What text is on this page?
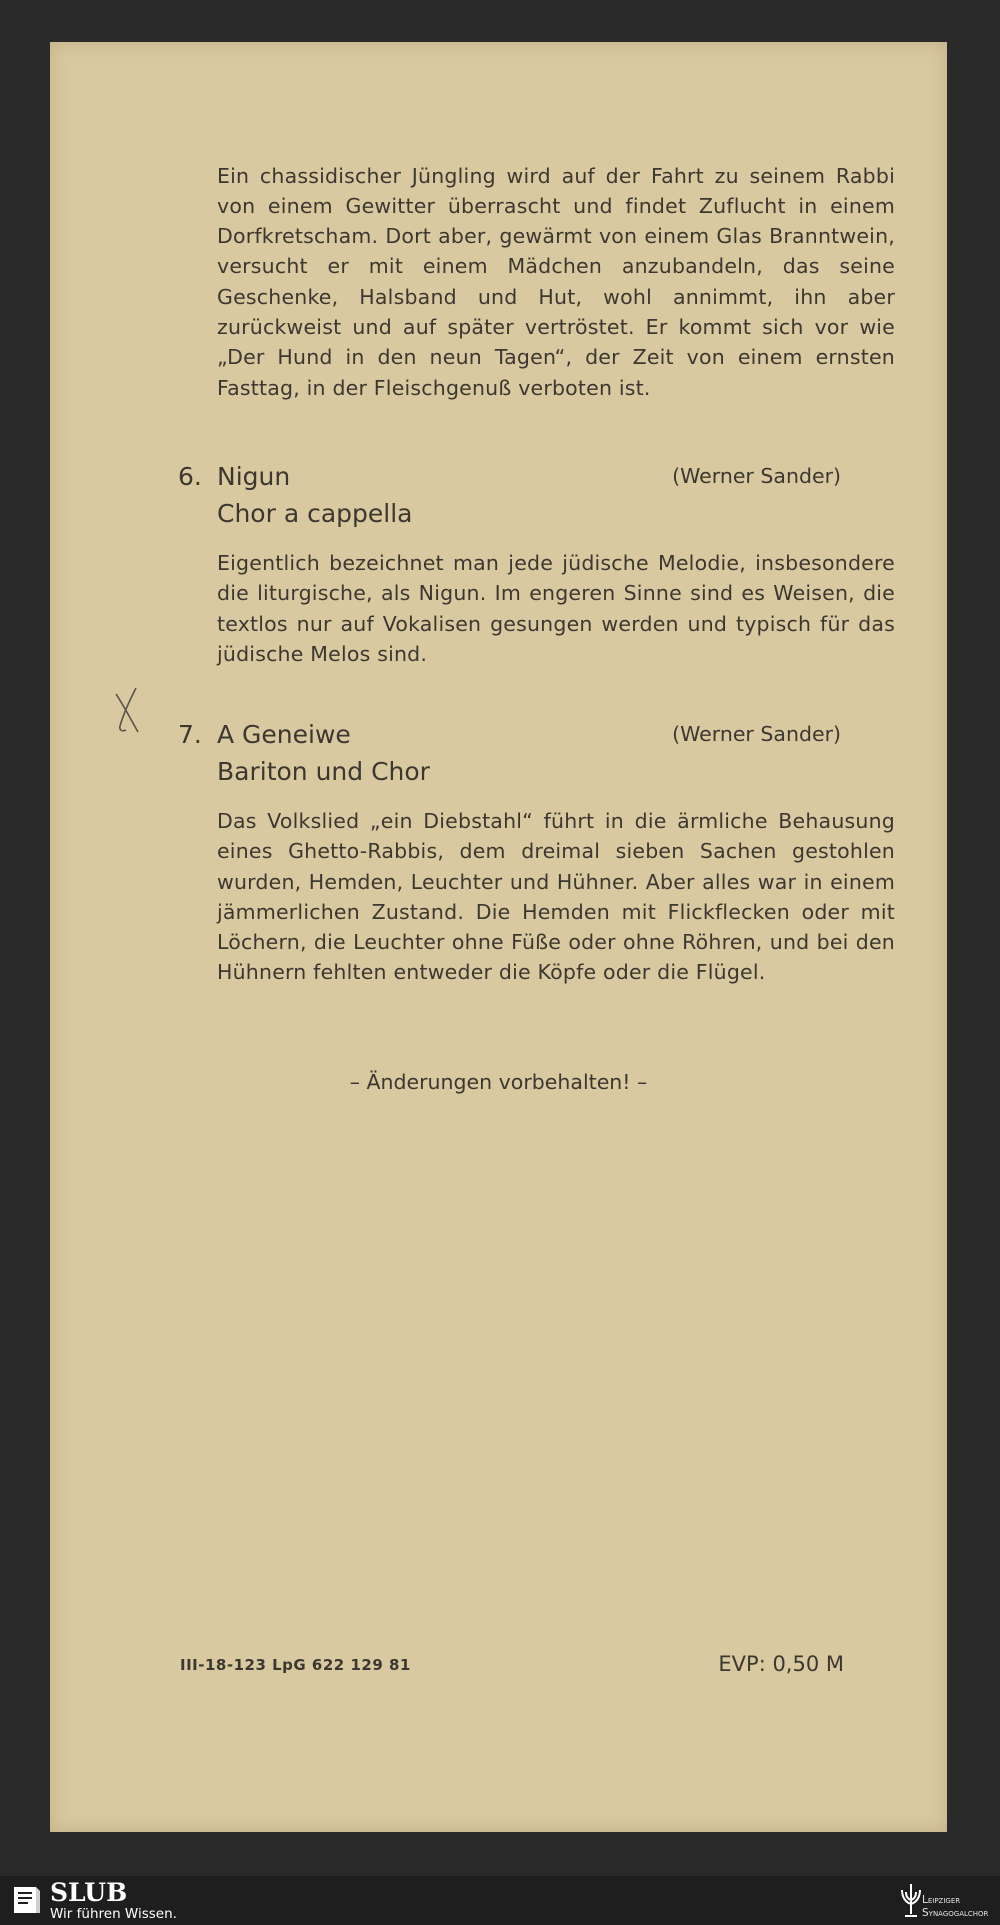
Ein chassidischer Jüngling wird auf der Fahrt zu seinem Rabbi von einem Gewitter überrascht und findet Zuflucht in einem Dorfkretscham. Dort aber, gewärmt von einem Glas Branntwein, versucht er mit einem Mädchen anzubandeln, das seine Geschenke, Halsband und Hut, wohl annimmt, ihn aber zurückweist und auf später vertröstet. Er kommt sich vor wie „Der Hund in den neun Tagen“, der Zeit von einem ernsten Fasttag, in der Fleischgenuß verboten ist.

6. Nigun	(Werner Sander)
Chor a cappella

Eigentlich bezeichnet man jede jüdische Melodie, insbesondere die liturgische, als Nigun. Im engeren Sinne sind es Weisen, die textlos nur auf Vokalisen gesungen werden und typisch für das jüdische Melos sind.

7. A Geneiwe	(Werner Sander)
Bariton und Chor

Das Volkslied „ein Diebstahl“ führt in die ärmliche Behausung eines Ghetto-Rabbis, dem dreimal sieben Sachen gestohlen wurden, Hemden, Leuchter und Hühner. Aber alles war in einem jämmerlichen Zustand. Die Hemden mit Flickflecken oder mit Löchern, die Leuchter ohne Füße oder ohne Röhren, und bei den Hühnern fehlten entweder die Köpfe oder die Flügel.

– Änderungen vorbehalten! –
III-18-123 LpG 622 129 81	EVP: 0,50 M
SLUB
Wir führen Wissen.
Leipziger
Synagogalchor
